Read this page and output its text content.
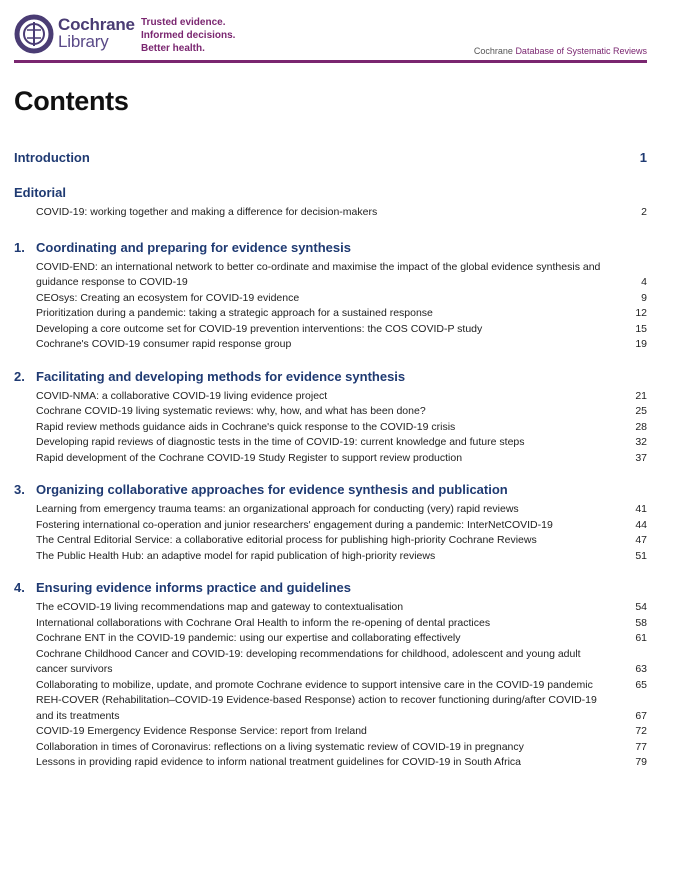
Cochrane
Library
Trusted evidence.
Informed decisions.
Better health.	Cochrane Database of Systematic Reviews
Contents
Introduction	1
Editorial
COVID-19: working together and making a difference for decision-makers	2
1. Coordinating and preparing for evidence synthesis
COVID-END: an international network to better co-ordinate and maximise the impact of the global evidence synthesis and guidance response to COVID-19	4
CEOsys: Creating an ecosystem for COVID-19 evidence	9
Prioritization during a pandemic: taking a strategic approach for a sustained response	12
Developing a core outcome set for COVID-19 prevention interventions: the COS COVID-P study	15
Cochrane's COVID-19 consumer rapid response group	19
2. Facilitating and developing methods for evidence synthesis
COVID-NMA: a collaborative COVID-19 living evidence project	21
Cochrane COVID-19 living systematic reviews: why, how, and what has been done?	25
Rapid review methods guidance aids in Cochrane's quick response to the COVID-19 crisis	28
Developing rapid reviews of diagnostic tests in the time of COVID-19: current knowledge and future steps	32
Rapid development of the Cochrane COVID-19 Study Register to support review production	37
3. Organizing collaborative approaches for evidence synthesis and publication
Learning from emergency trauma teams: an organizational approach for conducting (very) rapid reviews	41
Fostering international co-operation and junior researchers' engagement during a pandemic: InterNetCOVID-19	44
The Central Editorial Service: a collaborative editorial process for publishing high-priority Cochrane Reviews	47
The Public Health Hub: an adaptive model for rapid publication of high-priority reviews	51
4. Ensuring evidence informs practice and guidelines
The eCOVID-19 living recommendations map and gateway to contextualisation	54
International collaborations with Cochrane Oral Health to inform the re-opening of dental practices	58
Cochrane ENT in the COVID-19 pandemic: using our expertise and collaborating effectively	61
Cochrane Childhood Cancer and COVID-19: developing recommendations for childhood, adolescent and young adult cancer survivors	63
Collaborating to mobilize, update, and promote Cochrane evidence to support intensive care in the COVID-19 pandemic	65
REH-COVER (Rehabilitation–COVID-19 Evidence-based Response) action to recover functioning during/after COVID-19 and its treatments	67
COVID-19 Emergency Evidence Response Service: report from Ireland	72
Collaboration in times of Coronavirus: reflections on a living systematic review of COVID-19 in pregnancy	77
Lessons in providing rapid evidence to inform national treatment guidelines for COVID-19 in South Africa	79
